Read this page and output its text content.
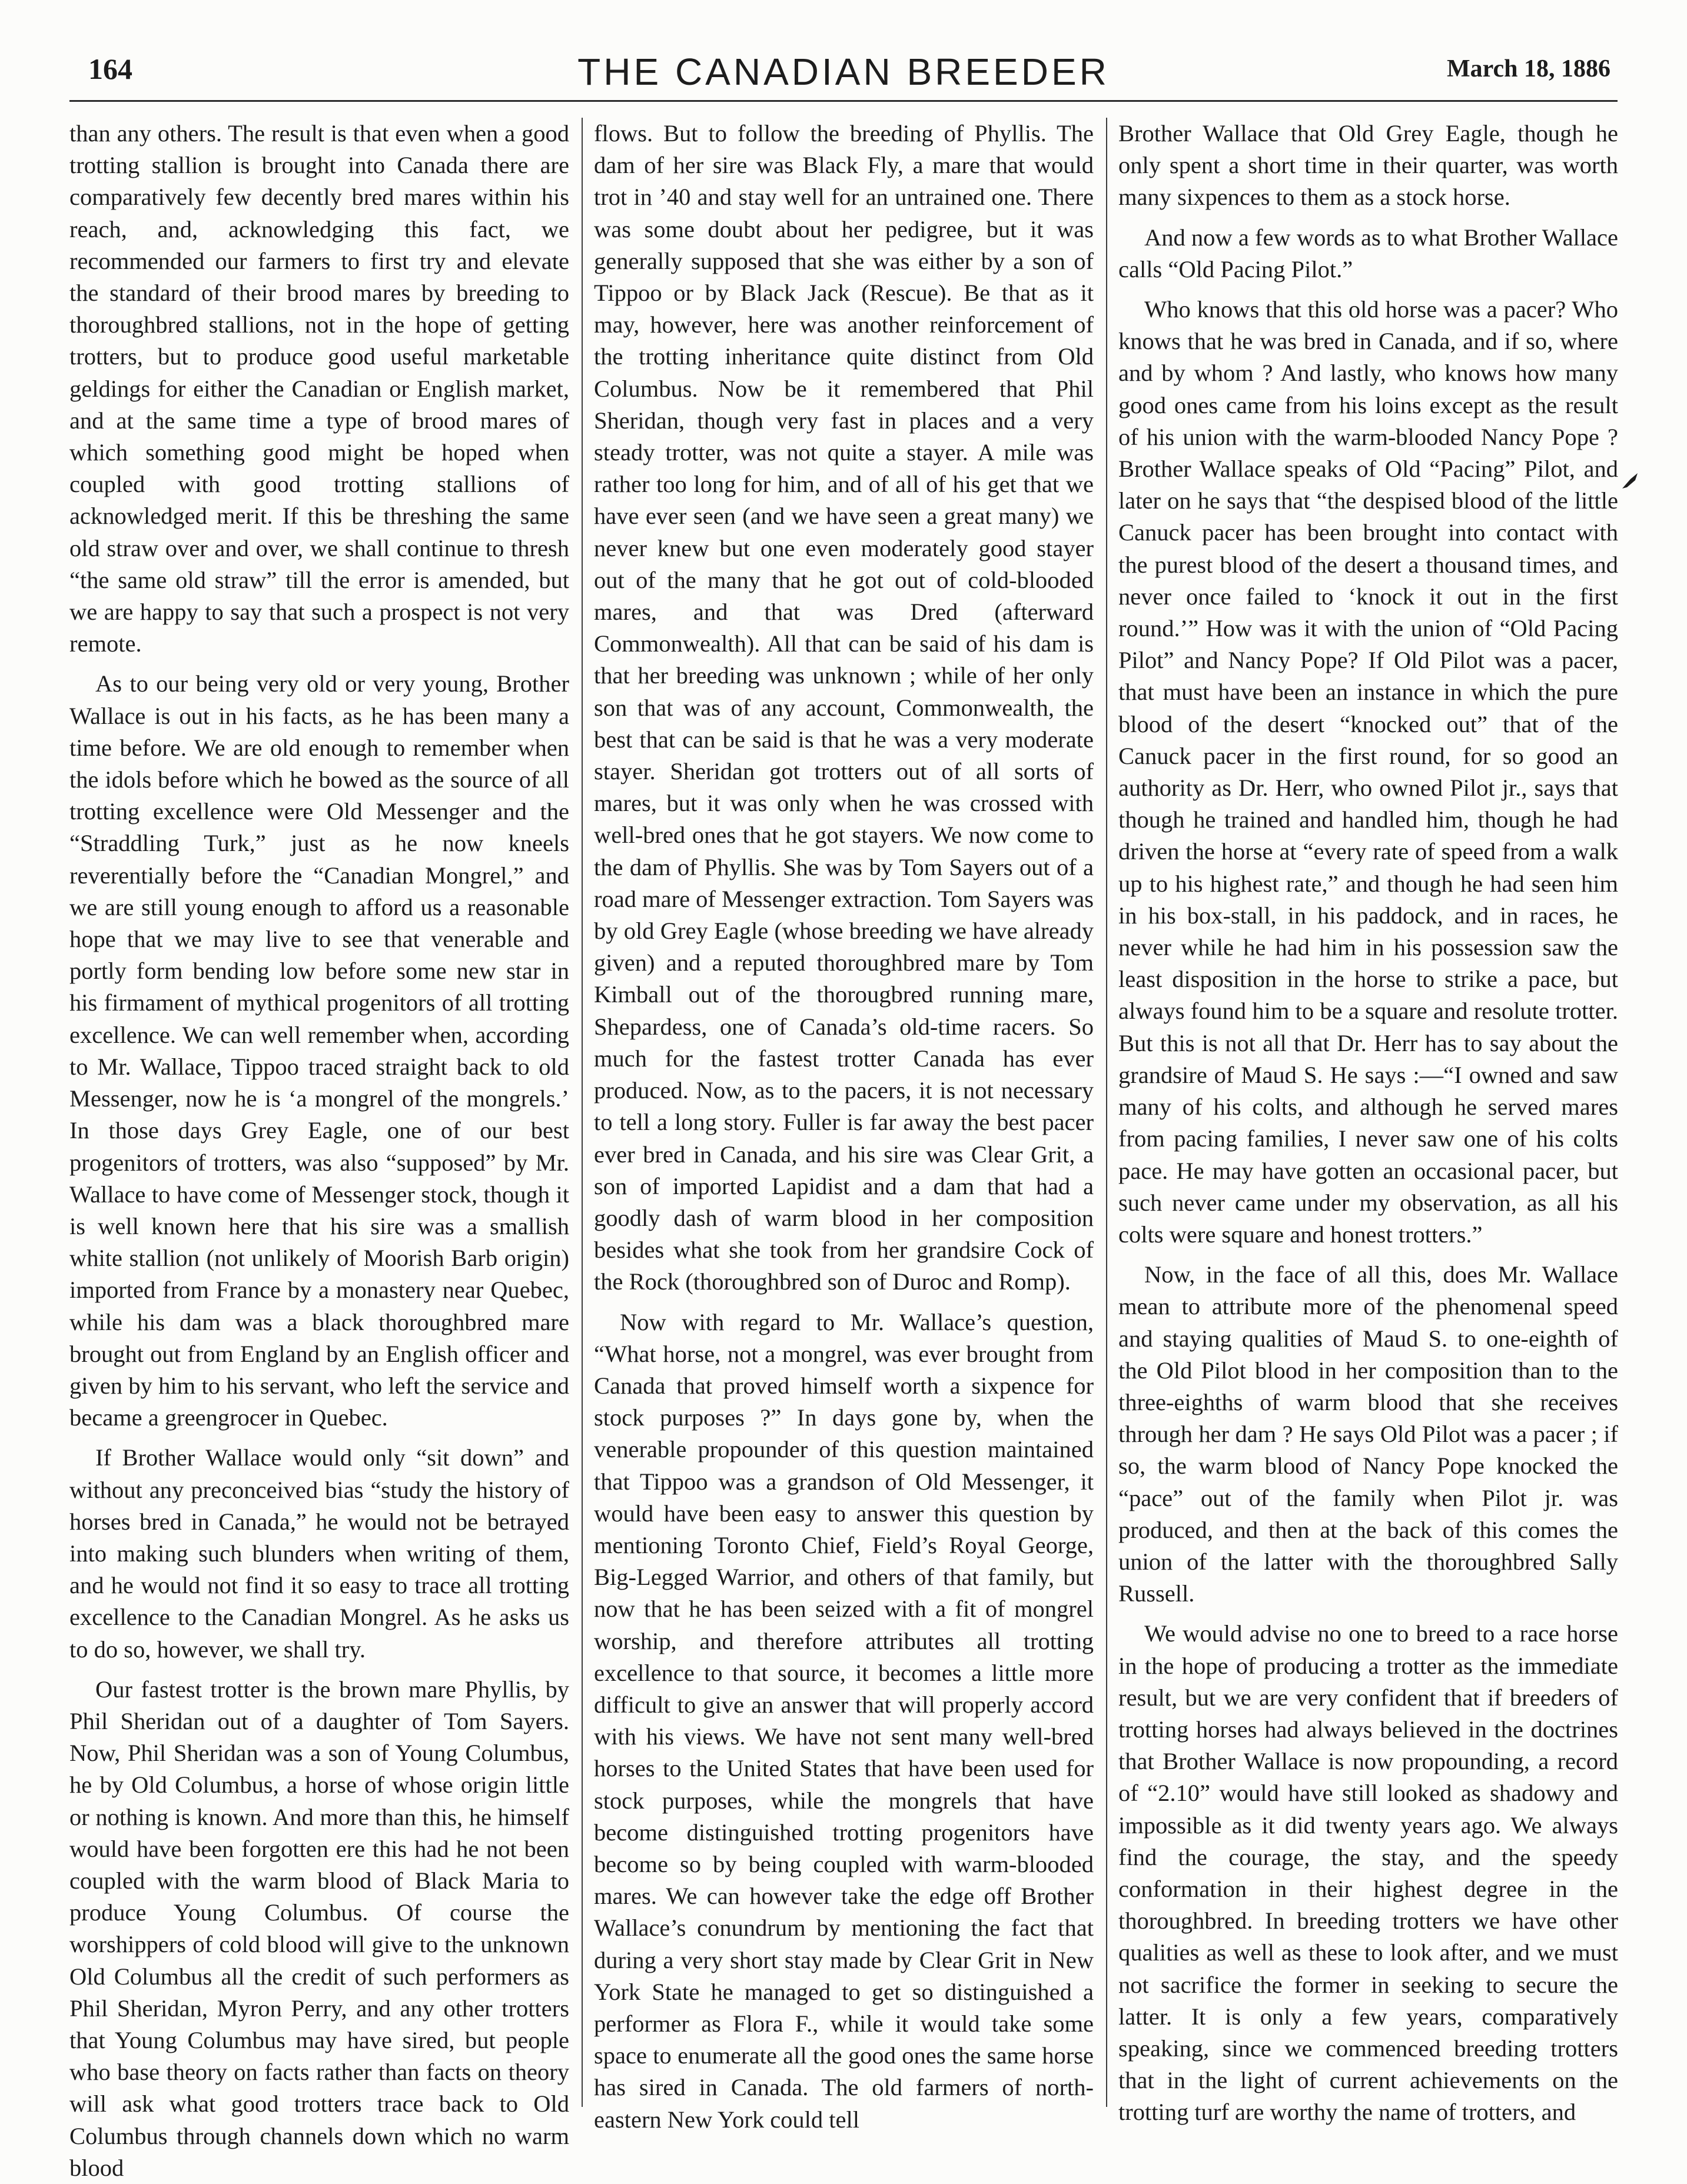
164	THE CANADIAN BREEDER	March 18, 1886

than any others. The result is that even when a good trotting stallion is brought into Canada there are comparatively few decently bred mares within his reach, and, acknowledging this fact, we recommended our farmers to first try and elevate the standard of their brood mares by breeding to thoroughbred stallions, not in the hope of getting trotters, but to produce good useful marketable geldings for either the Canadian or English market, and at the same time a type of brood mares of which something good might be hoped when coupled with good trotting stallions of acknowledged merit. If this be threshing the same old straw over and over, we shall continue to thresh “the same old straw” till the error is amended, but we are happy to say that such a prospect is not very remote.

As to our being very old or very young, Brother Wallace is out in his facts, as he has been many a time before. We are old enough to remember when the idols before which he bowed as the source of all trotting excellence were Old Messenger and the “Straddling Turk,” just as he now kneels reverentially before the “Canadian Mongrel,” and we are still young enough to afford us a reasonable hope that we may live to see that venerable and portly form bending low before some new star in his firmament of mythical progenitors of all trotting excellence. We can well remember when, according to Mr. Wallace, Tippoo traced straight back to old Messenger, now he is ‘a mongrel of the mongrels.’ In those days Grey Eagle, one of our best progenitors of trotters, was also “supposed” by Mr. Wallace to have come of Messenger stock, though it is well known here that his sire was a smallish white stallion (not unlikely of Moorish Barb origin) imported from France by a monastery near Quebec, while his dam was a black thoroughbred mare brought out from England by an English officer and given by him to his servant, who left the service and became a greengrocer in Quebec.

If Brother Wallace would only “sit down” and without any preconceived bias “study the history of horses bred in Canada,” he would not be betrayed into making such blunders when writing of them, and he would not find it so easy to trace all trotting excellence to the Canadian Mongrel. As he asks us to do so, however, we shall try.

Our fastest trotter is the brown mare Phyllis, by Phil Sheridan out of a daughter of Tom Sayers. Now, Phil Sheridan was a son of Young Columbus, he by Old Columbus, a horse of whose origin little or nothing is known. And more than this, he himself would have been forgotten ere this had he not been coupled with the warm blood of Black Maria to produce Young Columbus. Of course the worshippers of cold blood will give to the unknown Old Columbus all the credit of such performers as Phil Sheridan, Myron Perry, and any other trotters that Young Columbus may have sired, but people who base theory on facts rather than facts on theory will ask what good trotters trace back to Old Columbus through channels down which no warm blood

flows. But to follow the breeding of Phyllis. The dam of her sire was Black Fly, a mare that would trot in ’40 and stay well for an untrained one. There was some doubt about her pedigree, but it was generally supposed that she was either by a son of Tippoo or by Black Jack (Rescue). Be that as it may, however, here was another reinforcement of the trotting inheritance quite distinct from Old Columbus. Now be it remembered that Phil Sheridan, though very fast in places and a very steady trotter, was not quite a stayer. A mile was rather too long for him, and of all of his get that we have ever seen (and we have seen a great many) we never knew but one even moderately good stayer out of the many that he got out of cold-blooded mares, and that was Dred (afterward Commonwealth). All that can be said of his dam is that her breeding was unknown ; while of her only son that was of any account, Commonwealth, the best that can be said is that he was a very moderate stayer. Sheridan got trotters out of all sorts of mares, but it was only when he was crossed with well-bred ones that he got stayers. We now come to the dam of Phyllis. She was by Tom Sayers out of a road mare of Messenger extraction. Tom Sayers was by old Grey Eagle (whose breeding we have already given) and a reputed thoroughbred mare by Tom Kimball out of the thorougbred running mare, Shepardess, one of Canada’s old-time racers. So much for the fastest trotter Canada has ever produced. Now, as to the pacers, it is not necessary to tell a long story. Fuller is far away the best pacer ever bred in Canada, and his sire was Clear Grit, a son of imported Lapidist and a dam that had a goodly dash of warm blood in her composition besides what she took from her grandsire Cock of the Rock (thoroughbred son of Duroc and Romp).

Now with regard to Mr. Wallace’s question, “What horse, not a mongrel, was ever brought from Canada that proved himself worth a sixpence for stock purposes ?” In days gone by, when the venerable propounder of this question maintained that Tippoo was a grandson of Old Messenger, it would have been easy to answer this question by mentioning Toronto Chief, Field’s Royal George, Big-Legged Warrior, and others of that family, but now that he has been seized with a fit of mongrel worship, and therefore attributes all trotting excellence to that source, it becomes a little more difficult to give an answer that will properly accord with his views. We have not sent many well-bred horses to the United States that have been used for stock purposes, while the mongrels that have become distinguished trotting progenitors have become so by being coupled with warm-blooded mares. We can however take the edge off Brother Wallace’s conundrum by mentioning the fact that during a very short stay made by Clear Grit in New York State he managed to get so distinguished a performer as Flora F., while it would take some space to enumerate all the good ones the same horse has sired in Canada. The old farmers of north-eastern New York could tell

Brother Wallace that Old Grey Eagle, though he only spent a short time in their quarter, was worth many sixpences to them as a stock horse.

And now a few words as to what Brother Wallace calls “Old Pacing Pilot.”

Who knows that this old horse was a pacer? Who knows that he was bred in Canada, and if so, where and by whom ? And lastly, who knows how many good ones came from his loins except as the result of his union with the warm-blooded Nancy Pope ? Brother Wallace speaks of Old “Pacing” Pilot, and later on he says that “the despised blood of the little Canuck pacer has been brought into contact with the purest blood of the desert a thousand times, and never once failed to ‘knock it out in the first round.’” How was it with the union of “Old Pacing Pilot” and Nancy Pope? If Old Pilot was a pacer, that must have been an instance in which the pure blood of the desert “knocked out” that of the Canuck pacer in the first round, for so good an authority as Dr. Herr, who owned Pilot jr., says that though he trained and handled him, though he had driven the horse at “every rate of speed from a walk up to his highest rate,” and though he had seen him in his box-stall, in his paddock, and in races, he never while he had him in his possession saw the least disposition in the horse to strike a pace, but always found him to be a square and resolute trotter. But this is not all that Dr. Herr has to say about the grandsire of Maud S. He says :—“I owned and saw many of his colts, and although he served mares from pacing families, I never saw one of his colts pace. He may have gotten an occasional pacer, but such never came under my observation, as all his colts were square and honest trotters.”

Now, in the face of all this, does Mr. Wallace mean to attribute more of the phenomenal speed and staying qualities of Maud S. to one-eighth of the Old Pilot blood in her composition than to the three-eighths of warm blood that she receives through her dam ? He says Old Pilot was a pacer ; if so, the warm blood of Nancy Pope knocked the “pace” out of the family when Pilot jr. was produced, and then at the back of this comes the union of the latter with the thoroughbred Sally Russell.

We would advise no one to breed to a race horse in the hope of producing a trotter as the immediate result, but we are very confident that if breeders of trotting horses had always believed in the doctrines that Brother Wallace is now propounding, a record of “2.10” would have still looked as shadowy and impossible as it did twenty years ago. We always find the courage, the stay, and the speedy conformation in their highest degree in the thoroughbred. In breeding trotters we have other qualities as well as these to look after, and we must not sacrifice the former in seeking to secure the latter. It is only a few years, comparatively speaking, since we commenced breeding trotters that in the light of current achievements on the trotting turf are worthy the name of trotters, and
